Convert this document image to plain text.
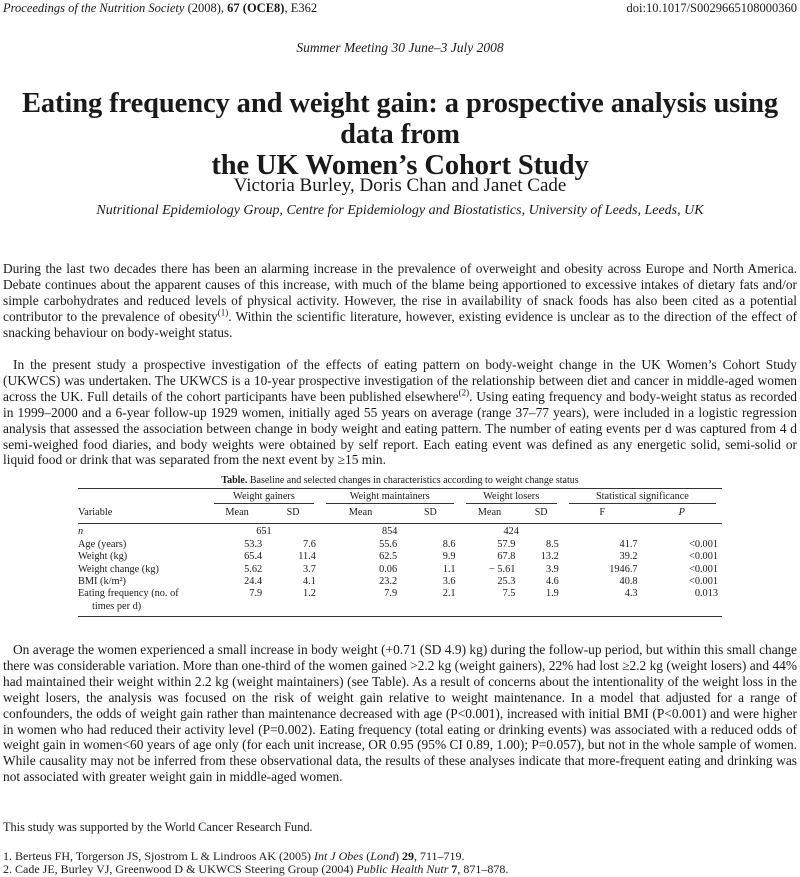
Proceedings of the Nutrition Society (2008), 67 (OCE8), E362	doi:10.1017/S0029665108000360
Summer Meeting 30 June–3 July 2008
Eating frequency and weight gain: a prospective analysis using data from
the UK Women’s Cohort Study
Victoria Burley, Doris Chan and Janet Cade
Nutritional Epidemiology Group, Centre for Epidemiology and Biostatistics, University of Leeds, Leeds, UK

During the last two decades there has been an alarming increase in the prevalence of overweight and obesity across Europe and North America. Debate continues about the apparent causes of this increase, with much of the blame being apportioned to excessive intakes of dietary fats and/or simple carbohydrates and reduced levels of physical activity. However, the rise in availability of snack foods has also been cited as a potential contributor to the prevalence of obesity$^{(1)}$. Within the scientific literature, however, existing evidence is unclear as to the direction of the effect of snacking behaviour on body-weight status.

In the present study a prospective investigation of the effects of eating pattern on body-weight change in the UK Women’s Cohort Study (UKWCS) was undertaken. The UKWCS is a 10-year prospective investigation of the relationship between diet and cancer in middle-aged women across the UK. Full details of the cohort participants have been published elsewhere$^{(2)}$. Using eating frequency and body-weight status as recorded in 1999–2000 and a 6-year follow-up 1929 women, initially aged 55 years on average (range 37–77 years), were included in a logistic regression analysis that assessed the association between change in body weight and eating pattern. The number of eating events per d was captured from 4 d semi-weighed food diaries, and body weights were obtained by self report. Each eating event was defined as any energetic solid, semi-solid or liquid food or drink that was separated from the next event by ≥15 min.

Table. Baseline and selected changes in characteristics according to weight change status

	Weight gainers		Weight maintainers		Weight losers		Statistical significance	

Variable	Mean	SD	Mean	SD	Mean	SD	F	P
n	651		854		424			
Age (years)	53.3	7.6	55.6	8.6	57.9	8.5	41.7	<0.001
Weight (kg)	65.4	11.4	62.5	9.9	67.8	13.2	39.2	<0.001
Weight change (kg)	5.62	3.7	0.06	1.1	− 5.61	3.9	1946.7	<0.001
BMI (k/m²)	24.4	4.1	23.2	3.6	25.3	4.6	40.8	<0.001
Eating frequency (no. of	7.9	1.2	7.9	2.1	7.5	1.9	4.3	0.013
times per d)								

On average the women experienced a small increase in body weight (+0.71 (SD 4.9) kg) during the follow-up period, but within this small change there was considerable variation. More than one-third of the women gained >2.2 kg (weight gainers), 22% had lost ≥2.2 kg (weight losers) and 44% had maintained their weight within 2.2 kg (weight maintainers) (see Table). As a result of concerns about the intentionality of the weight loss in the weight losers, the analysis was focused on the risk of weight gain relative to weight maintenance. In a model that adjusted for a range of confounders, the odds of weight gain rather than maintenance decreased with age (P<0.001), increased with initial BMI (P<0.001) and were higher in women who had reduced their activity level (P=0.002). Eating frequency (total eating or drinking events) was associated with a reduced odds of weight gain in women<60 years of age only (for each unit increase, OR 0.95 (95% CI 0.89, 1.00); P=0.057), but not in the whole sample of women. While causality may not be inferred from these observational data, the results of these analyses indicate that more-frequent eating and drinking was not associated with greater weight gain in middle-aged women.

This study was supported by the World Cancer Research Fund.
1. Berteus FH, Torgerson JS, Sjostrom L & Lindroos AK (2005) Int J Obes (Lond) 29, 711–719.
2. Cade JE, Burley VJ, Greenwood D & UKWCS Steering Group (2004) Public Health Nutr 7, 871–878.
